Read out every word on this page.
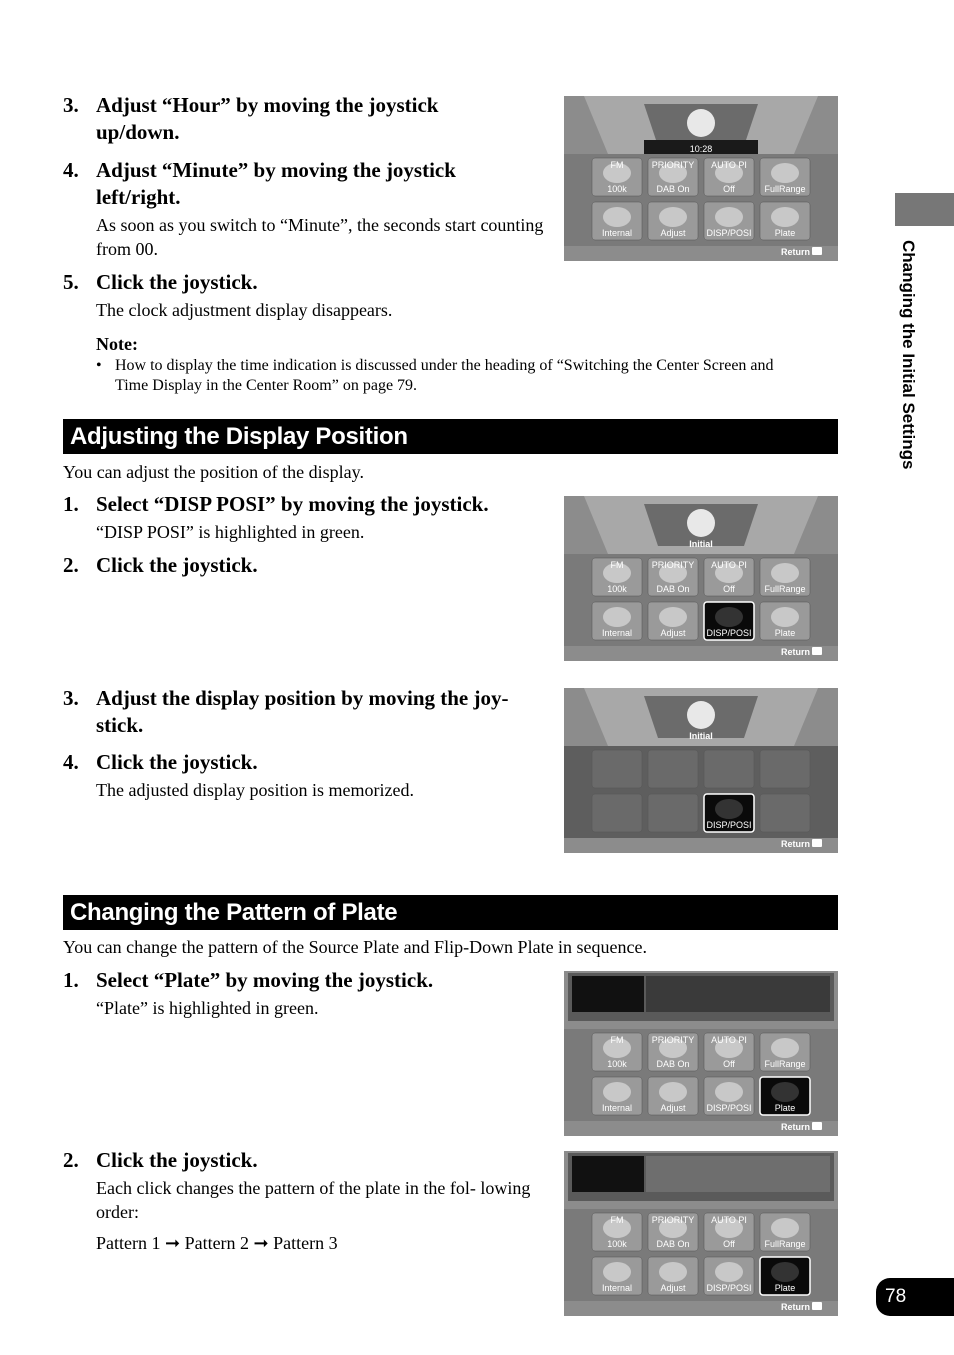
3. Adjust “Hour” by moving the joystick up/down.
4. Adjust “Minute” by moving the joystick left/right.
As soon as you switch to “Minute”, the seconds start counting from 00.
5. Click the joystick.
The clock adjustment display disappears.
Note:
• How to display the time indication is discussed under the heading of “Switching the Center Screen and Time Display in the Center Room” on page 79.
Adjusting the Display Position
You can adjust the position of the display.
1. Select “DISP POSI” by moving the joystick.
“DISP POSI” is highlighted in green.
2. Click the joystick.
3. Adjust the display position by moving the joy- stick.
4. Click the joystick.
The adjusted display position is memorized.
Changing the Pattern of Plate
You can change the pattern of the Source Plate and Flip-Down Plate in sequence.
1. Select “Plate” by moving the joystick.
“Plate” is highlighted in green.
2. Click the joystick.
Each click changes the pattern of the plate in the fol- lowing order:
Pattern 1 ➞ Pattern 2 ➞ Pattern 3
10:28
FM
100k
PRIORITY
DAB On
AUTO PI
Off	FullRange
Internal	Adjust DISP/POSI	Plate
Return
Initial
FM
100k
PRIORITY
DAB On
AUTO PI
Off	FullRange
Internal	Adjust DISP/POSI	Plate
Return
Initial
DISP/POSI
Return
FM
100k
PRIORITY
DAB On
AUTO PI
Off	FullRange
Internal	Adjust DISP/POSI	Plate
Return
FM
100k
PRIORITY
DAB On
AUTO PI
Off	FullRange
Internal	Adjust DISP/POSI	Plate
Return
Changing the Initial Settings
78
